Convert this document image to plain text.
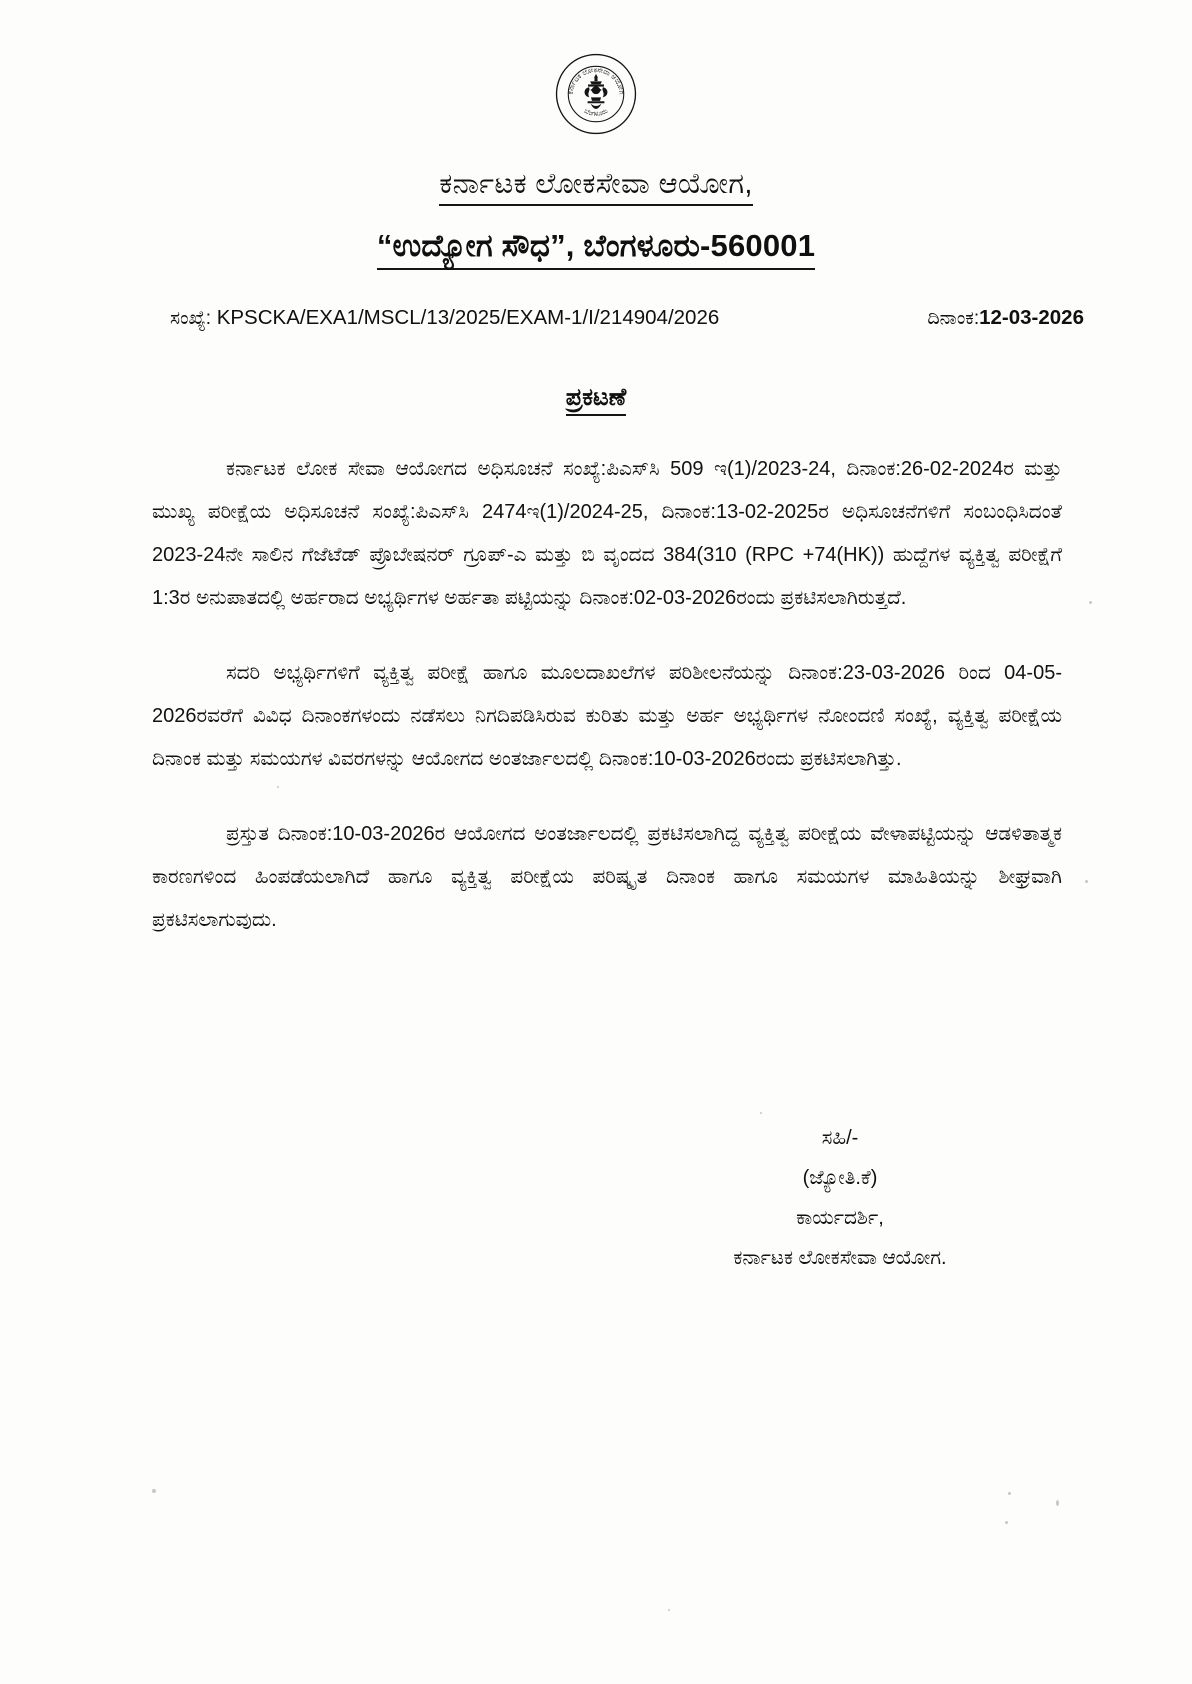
ಕರ್ನಾಟಕ ಲೋಕಸೇವಾ ಆಯೋಗ
ಬೆಂಗಳೂರು
ಕರ್ನಾಟಕ ಲೋಕಸೇವಾ ಆಯೋಗ,
“ಉದ್ಯೋಗ ಸೌಧ”, ಬೆಂಗಳೂರು-560001
ಸಂಖ್ಯೆ: KPSCKA/EXA1/MSCL/13/2025/EXAM-1/I/214904/2026	ದಿನಾಂಕ:12-03-2026
ಪ್ರಕಟಣೆ

ಕರ್ನಾಟಕ ಲೋಕ ಸೇವಾ ಆಯೋಗದ ಅಧಿಸೂಚನೆ ಸಂಖ್ಯೆ:ಪಿಎಸ್‌ಸಿ 509 ಇ(1)/2023-24, ದಿನಾಂಕ:26-02-2024ರ ಮತ್ತು ಮುಖ್ಯ ಪರೀಕ್ಷೆಯ ಅಧಿಸೂಚನೆ ಸಂಖ್ಯೆ:ಪಿಎಸ್‌ಸಿ 2474ಇ(1)/2024-25, ದಿನಾಂಕ:13-02-2025ರ ಅಧಿಸೂಚನೆಗಳಿಗೆ ಸಂಬಂಧಿಸಿದಂತೆ 2023-24ನೇ ಸಾಲಿನ ಗೆಜೆಟೆಡ್ ಪ್ರೊಬೇಷನರ್ ಗ್ರೂಪ್-ಎ ಮತ್ತು ಬಿ ವೃಂದದ 384(310 (RPC +74(HK)) ಹುದ್ದೆಗಳ ವ್ಯಕ್ತಿತ್ವ ಪರೀಕ್ಷೆಗೆ 1:3ರ ಅನುಪಾತದಲ್ಲಿ ಅರ್ಹರಾದ ಅಭ್ಯರ್ಥಿಗಳ ಅರ್ಹತಾ ಪಟ್ಟಿಯನ್ನು ದಿನಾಂಕ:02-03-2026ರಂದು ಪ್ರಕಟಿಸಲಾಗಿರುತ್ತದೆ.

ಸದರಿ ಅಭ್ಯರ್ಥಿಗಳಿಗೆ ವ್ಯಕ್ತಿತ್ವ ಪರೀಕ್ಷೆ ಹಾಗೂ ಮೂಲದಾಖಲೆಗಳ ಪರಿಶೀಲನೆಯನ್ನು ದಿನಾಂಕ:23-03-2026 ರಿಂದ 04-05-2026ರವರೆಗೆ ವಿವಿಧ ದಿನಾಂಕಗಳಂದು ನಡೆಸಲು ನಿಗದಿಪಡಿಸಿರುವ ಕುರಿತು ಮತ್ತು ಅರ್ಹ ಅಭ್ಯರ್ಥಿಗಳ ನೋಂದಣಿ ಸಂಖ್ಯೆ, ವ್ಯಕ್ತಿತ್ವ ಪರೀಕ್ಷೆಯ ದಿನಾಂಕ ಮತ್ತು ಸಮಯಗಳ ವಿವರಗಳನ್ನು ಆಯೋಗದ ಅಂತರ್ಜಾಲದಲ್ಲಿ ದಿನಾಂಕ:10-03-2026ರಂದು ಪ್ರಕಟಿಸಲಾಗಿತ್ತು.

ಪ್ರಸ್ತುತ ದಿನಾಂಕ:10-03-2026ರ ಆಯೋಗದ ಅಂತರ್ಜಾಲದಲ್ಲಿ ಪ್ರಕಟಿಸಲಾಗಿದ್ದ ವ್ಯಕ್ತಿತ್ವ ಪರೀಕ್ಷೆಯ ವೇಳಾಪಟ್ಟಿಯನ್ನು ಆಡಳಿತಾತ್ಮಕ ಕಾರಣಗಳಿಂದ ಹಿಂಪಡೆಯಲಾಗಿದೆ ಹಾಗೂ ವ್ಯಕ್ತಿತ್ವ ಪರೀಕ್ಷೆಯ ಪರಿಷ್ಕೃತ ದಿನಾಂಕ ಹಾಗೂ ಸಮಯಗಳ ಮಾಹಿತಿಯನ್ನು ಶೀಘ್ರವಾಗಿ ಪ್ರಕಟಿಸಲಾಗುವುದು.

ಸಹಿ/-
(ಜ್ಯೋತಿ.ಕೆ)
ಕಾರ್ಯದರ್ಶಿ,
ಕರ್ನಾಟಕ ಲೋಕಸೇವಾ ಆಯೋಗ.
